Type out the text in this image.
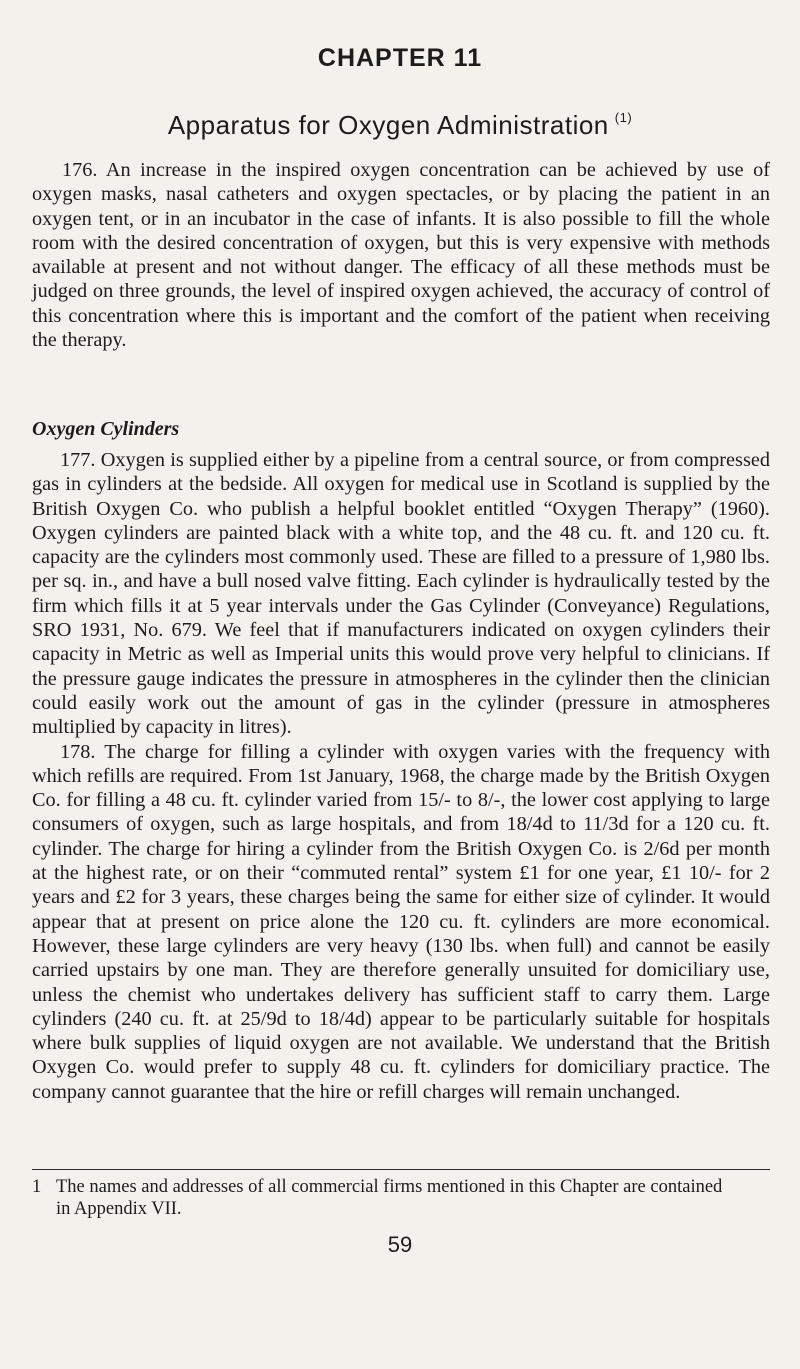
CHAPTER 11
Apparatus for Oxygen Administration $^{(1)}$

176. An increase in the inspired oxygen concentration can be achieved by use of oxygen masks, nasal catheters and oxygen spectacles, or by placing the patient in an oxygen tent, or in an incubator in the case of infants. It is also possible to fill the whole room with the desired concentration of oxygen, but this is very expensive with methods available at present and not without danger. The efficacy of all these methods must be judged on three grounds, the level of inspired oxygen achieved, the accuracy of control of this concentration where this is important and the comfort of the patient when receiving the therapy.

Oxygen Cylinders

177. Oxygen is supplied either by a pipeline from a central source, or from compressed gas in cylinders at the bedside. All oxygen for medical use in Scotland is supplied by the British Oxygen Co. who publish a helpful booklet entitled “Oxygen Therapy” (1960). Oxygen cylinders are painted black with a white top, and the 48 cu. ft. and 120 cu. ft. capacity are the cylinders most commonly used. These are filled to a pressure of 1,980 lbs. per sq. in., and have a bull nosed valve fitting. Each cylinder is hydraulically tested by the firm which fills it at 5 year intervals under the Gas Cylinder (Conveyance) Regulations, SRO 1931, No. 679. We feel that if manufacturers indicated on oxygen cylinders their capacity in Metric as well as Imperial units this would prove very helpful to clinicians. If the pressure gauge indicates the pressure in atmospheres in the cylinder then the clinician could easily work out the amount of gas in the cylinder (pressure in atmospheres multiplied by capacity in litres).

178. The charge for filling a cylinder with oxygen varies with the frequency with which refills are required. From 1st January, 1968, the charge made by the British Oxygen Co. for filling a 48 cu. ft. cylinder varied from 15/- to 8/-, the lower cost applying to large consumers of oxygen, such as large hospitals, and from 18/4d to 11/3d for a 120 cu. ft. cylinder. The charge for hiring a cylinder from the British Oxygen Co. is 2/6d per month at the highest rate, or on their “commuted rental” system £1 for one year, £1 10/- for 2 years and £2 for 3 years, these charges being the same for either size of cylinder. It would appear that at present on price alone the 120 cu. ft. cylinders are more economical. However, these large cylinders are very heavy (130 lbs. when full) and cannot be easily carried upstairs by one man. They are therefore generally unsuited for domiciliary use, unless the chemist who undertakes delivery has sufficient staff to carry them. Large cylinders (240 cu. ft. at 25/9d to 18/4d) appear to be particularly suitable for hospitals where bulk supplies of liquid oxygen are not available. We understand that the British Oxygen Co. would prefer to supply 48 cu. ft. cylinders for domiciliary practice. The company cannot guarantee that the hire or refill charges will remain unchanged.

1 The names and addresses of all commercial firms mentioned in this Chapter are contained
in Appendix VII.
59
